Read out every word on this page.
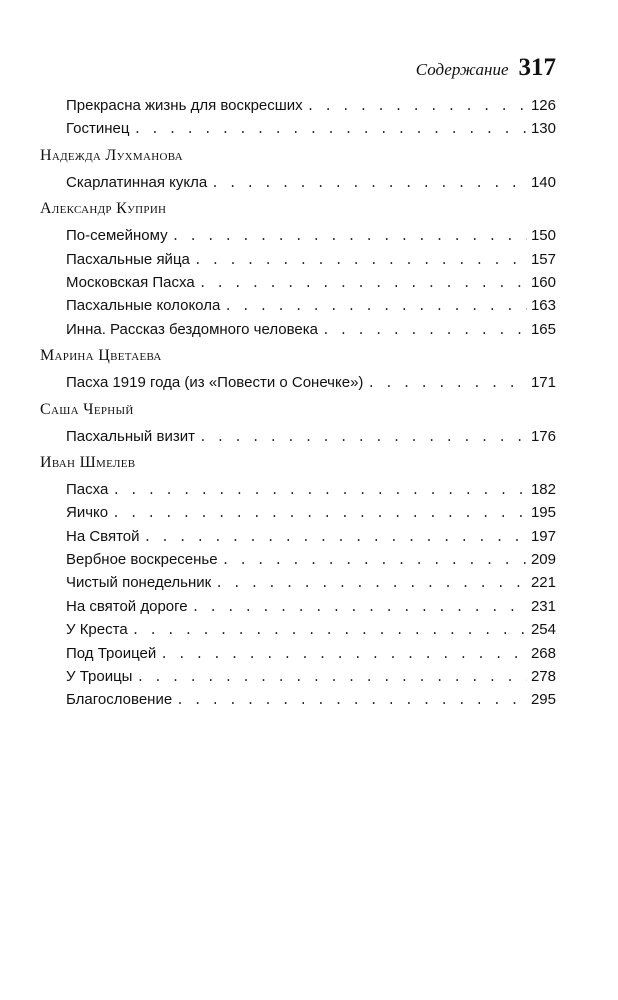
Содержание 317
Прекрасна жизнь для воскресших . . .	126
Гостинец . . .	130
Надежда Лухманова
Скарлатинная кукла . . .	140
Александр Куприн
По-семейному . . .	150
Пасхальные яйца . . .	157
Московская Пасха . . .	160
Пасхальные колокола . . .	163
Инна. Рассказ бездомного человека . . .	165
Марина Цветаева
Пасха 1919 года (из «Повести о Сонечке») . . .	171
Саша Черный
Пасхальный визит . . .	176
Иван Шмелев
Пасха . . .	182
Яичко . . .	195
На Святой . . .	197
Вербное воскресенье . . .	209
Чистый понедельник . . .	221
На святой дороге . . .	231
У Креста . . .	254
Под Троицей . . .	268
У Троицы . . .	278
Благословение . . .	295
